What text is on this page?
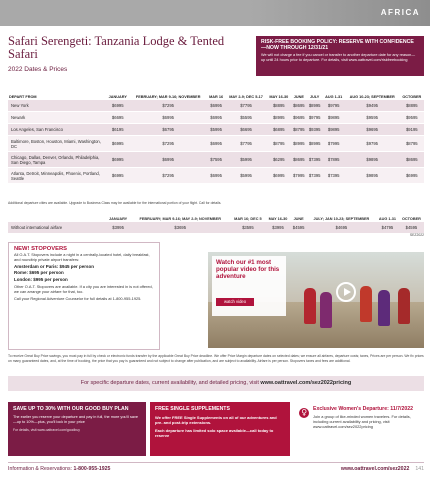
AFRICA
Safari Serengeti: Tanzania Lodge & Tented Safari
2022 Dates & Prices
RISK-FREE BOOKING POLICY: RESERVE WITH CONFIDENCE—NOW THROUGH 12/31/21
We will not charge a fee if you cancel or transfer to another departure date for any reason—up until 24 hours prior to departure. For details, visit www.oattravel.com/riskfreebooking
DEPART FROM	JANUARY	FEBRUARY; MAR 9-16; NOVEMBER	MAR 16	MAY 2-9; DEC 5-17	MAY 16-30	JUNE	JULY	AUG 1-31	AUG 10-23; SEPTEMBER	OCTOBER
New York	$6995	$7295	$6995	$7795	$8895	$8695	$8995	$9795	$9495	$8895
Newark	$6695	$6995	$6995	$5595	$8995	$9695	$9795	$9895	$9595	$9595
Los Angeles, San Francisco	$6195	$6795	$5995	$6695	$6895	$8795	$9395	$9895	$9695	$9195
Baltimore, Boston, Houston, Miami, Washington, DC	$6995	$7295	$6995	$7795	$8795	$8995	$8995	$7995	$9795	$8795
Chicago, Dallas, Denver, Orlando, Philadelphia, San Diego, Tampa	$6995	$6995	$7595	$5995	$6295	$8695	$7395	$7895	$9895	$8695
Atlanta, Detroit, Minneapolis, Phoenix, Portland, Seattle	$6995	$7295	$6995	$5995	$6995	$7995	$7395	$7395	$9895	$6995
Additional departure cities are available. Upgrade to Business Class may be available for the international portion of your flight. Call for details.
	JANUARY	FEBRUARY; MAR 9-16; MAY 2-9; NOVEMBER	MAR 16; DEC 5	MAY 16-30	JUNE	JULY; JAN 10-23; SEPTEMBER	AUG 1-31	OCTOBER
Without international airfare	$3995	$3695	$3595	$3995	$4595	$4695	$4795	$4595
SEZ2022
NEW! STOPOVERS

All O.A.T. Stopovers include a night in a centrally-located hotel, daily breakfast, and roundtrip private airport transfers:

Amsterdam or Paris: $945 per person

Rome: $695 per person

London: $995 per person

Other O.A.T. Stopovers are available. If a city you are interested in is not offered, we can arrange your airfare for that, too.

Call your Regional Adventure Counselor for full details at 1-800-955-1925.

Watch our #1 most popular video for this adventure
watch video
To receive Great Buy Price savings, you must pay in full by check or electronic funds transfer by the applicable Great Buy Price deadline. We offer Price Margin departure dates on selected dates; we ensure all airfares, departure costs; taxes, Prices are per person. We fix prices on many guaranteed dates, and, at the time of booking, the price that you pay is guaranteed and not subject to change after publication, and are subject to availability. Airfare is per person. Stopovers taxes and fees are additional.
For specific departure dates, current availability, and detailed pricing, visit www.oattravel.com/sez2022pricing
SAVE UP TO 30% WITH OUR GOOD BUY PLAN
The earlier you reserve your departure and pay in full, the more you'll save—up to 10%—plus, you'll lock in your price
For details, visit www.oattravel.com/goodbuy
FREE SINGLE SUPPLEMENTS
We offer FREE Single Supplements on all of our adventures and pre- and post-trip extensions.
Each departure has limited solo space available—call today to reserve
♀
Exclusive Women's Departure: 11/7/2022
Join a group of like-minded women travelers. For details, including current availability and pricing, visit www.oattravel.com/sez2022pricing
Information & Reservations: 1-800-955-1925	www.oattravel.com/sez2022 141
